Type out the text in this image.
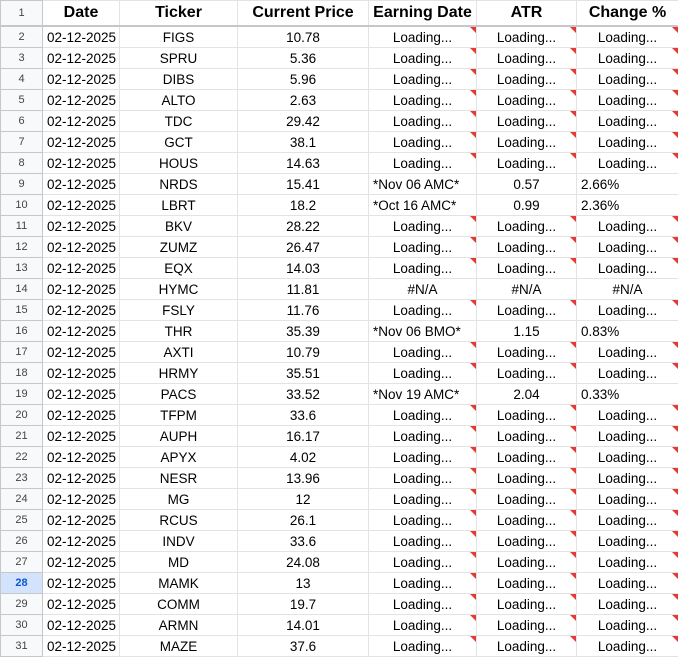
1	Date	Ticker	Current Price	Earning Date	ATR	Change %
2	02-12-2025	FIGS	10.78	Loading...	Loading...	Loading...
3	02-12-2025	SPRU	5.36	Loading...	Loading...	Loading...
4	02-12-2025	DIBS	5.96	Loading...	Loading...	Loading...
5	02-12-2025	ALTO	2.63	Loading...	Loading...	Loading...
6	02-12-2025	TDC	29.42	Loading...	Loading...	Loading...
7	02-12-2025	GCT	38.1	Loading...	Loading...	Loading...
8	02-12-2025	HOUS	14.63	Loading...	Loading...	Loading...
9	02-12-2025	NRDS	15.41	*Nov 06 AMC*	0.57	2.66%
10	02-12-2025	LBRT	18.2	*Oct 16 AMC*	0.99	2.36%
11	02-12-2025	BKV	28.22	Loading...	Loading...	Loading...
12	02-12-2025	ZUMZ	26.47	Loading...	Loading...	Loading...
13	02-12-2025	EQX	14.03	Loading...	Loading...	Loading...
14	02-12-2025	HYMC	11.81	#N/A	#N/A	#N/A
15	02-12-2025	FSLY	11.76	Loading...	Loading...	Loading...
16	02-12-2025	THR	35.39	*Nov 06 BMO*	1.15	0.83%
17	02-12-2025	AXTI	10.79	Loading...	Loading...	Loading...
18	02-12-2025	HRMY	35.51	Loading...	Loading...	Loading...
19	02-12-2025	PACS	33.52	*Nov 19 AMC*	2.04	0.33%
20	02-12-2025	TFPM	33.6	Loading...	Loading...	Loading...
21	02-12-2025	AUPH	16.17	Loading...	Loading...	Loading...
22	02-12-2025	APYX	4.02	Loading...	Loading...	Loading...
23	02-12-2025	NESR	13.96	Loading...	Loading...	Loading...
24	02-12-2025	MG	12	Loading...	Loading...	Loading...
25	02-12-2025	RCUS	26.1	Loading...	Loading...	Loading...
26	02-12-2025	INDV	33.6	Loading...	Loading...	Loading...
27	02-12-2025	MD	24.08	Loading...	Loading...	Loading...
28	02-12-2025	MAMK	13	Loading...	Loading...	Loading...
29	02-12-2025	COMM	19.7	Loading...	Loading...	Loading...
30	02-12-2025	ARMN	14.01	Loading...	Loading...	Loading...
31	02-12-2025	MAZE	37.6	Loading...	Loading...	Loading...
